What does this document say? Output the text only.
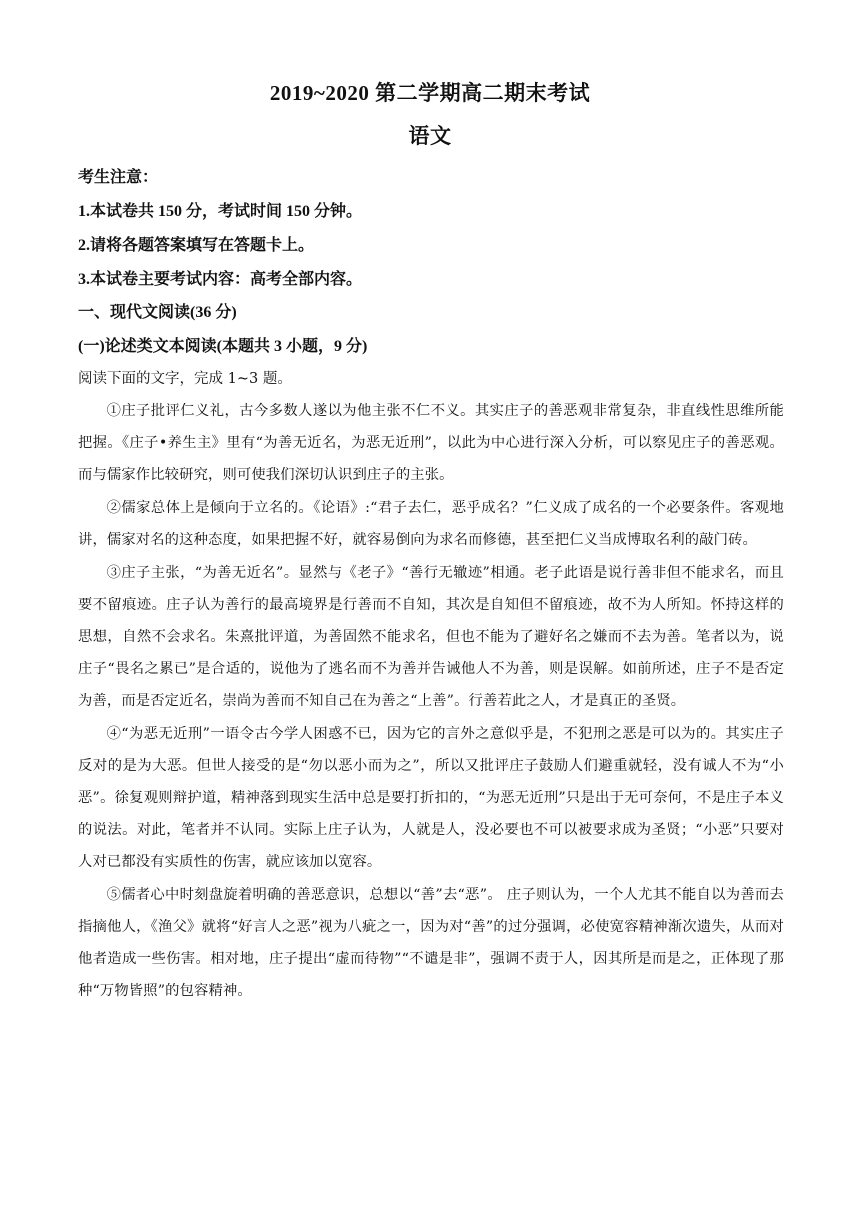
2019~2020 第二学期高二期末考试
语文
考生注意：
1.本试卷共 150 分，考试时间 150 分钟。
2.请将各题答案填写在答题卡上。
3.本试卷主要考试内容：高考全部内容。
一、现代文阅读(36 分)
(一)论述类文本阅读(本题共 3 小题，9 分)
阅读下面的文字，完成 1~3 题。

①庄子批评仁义礼，古今多数人遂以为他主张不仁不义。其实庄子的善恶观非常复杂，非直线性思维所能把握。《庄子•养生主》里有“为善无近名，为恶无近刑”，以此为中心进行深入分析，可以察见庄子的善恶观。而与儒家作比较研究，则可使我们深切认识到庄子的主张。

②儒家总体上是倾向于立名的。《论语》:“君子去仁，恶乎成名？”仁义成了成名的一个必要条件。客观地讲，儒家对名的这种态度，如果把握不好，就容易倒向为求名而修德，甚至把仁义当成博取名利的敲门砖。

③庄子主张，“为善无近名”。显然与《老子》“善行无辙迹”相通。老子此语是说行善非但不能求名，而且要不留痕迹。庄子认为善行的最高境界是行善而不自知，其次是自知但不留痕迹，故不为人所知。怀持这样的思想，自然不会求名。朱熹批评道，为善固然不能求名，但也不能为了避好名之嫌而不去为善。笔者以为，说庄子“畏名之累已”是合适的，说他为了逃名而不为善并告诫他人不为善，则是误解。如前所述，庄子不是否定为善，而是否定近名，崇尚为善而不知自己在为善之“上善”。行善若此之人，才是真正的圣贤。

④“为恶无近刑”一语令古今学人困惑不已，因为它的言外之意似乎是，不犯刑之恶是可以为的。其实庄子反对的是为大恶。但世人接受的是“勿以恶小而为之”，所以又批评庄子鼓励人们避重就轻，没有诚人不为“小恶”。徐复观则辩护道，精神落到现实生活中总是要打折扣的，“为恶无近刑”只是出于无可奈何，不是庄子本义的说法。对此，笔者并不认同。实际上庄子认为，人就是人，没必要也不可以被要求成为圣贤；“小恶”只要对人对已都没有实质性的伤害，就应该加以宽容。

⑤儒者心中时刻盘旋着明确的善恶意识，总想以“善”去“恶”。 庄子则认为，一个人尤其不能自以为善而去指摘他人，《渔父》就将“好言人之恶”视为八疵之一，因为对“善”的过分强调，必使宽容精神渐次遗失，从而对他者造成一些伤害。相对地，庄子提出“虚而待物”“不谴是非”，强调不责于人，因其所是而是之，正体现了那种“万物皆照”的包容精神。
